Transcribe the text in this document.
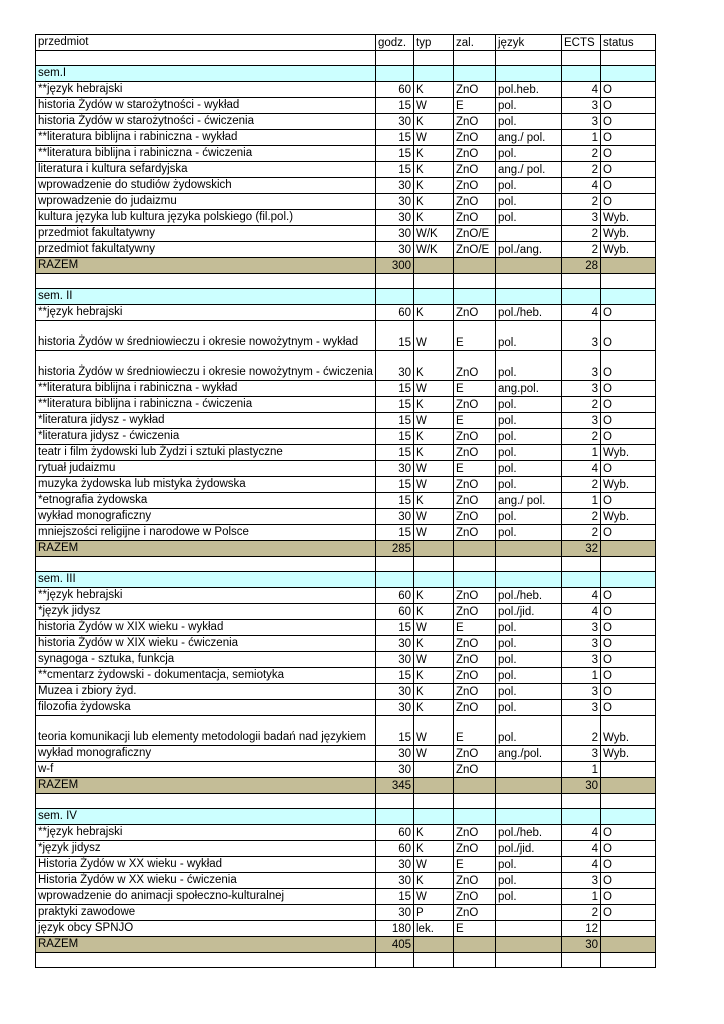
przedmiot	godz.	typ	zal.	język	ECTS	status

sem.I						
**język hebrajski	60	K	ZnO	pol.heb.	4	O
historia Żydów w starożytności - wykład	15	W	E	pol.	3	O
historia Żydów w starożytności - ćwiczenia	30	K	ZnO	pol.	3	O
**literatura biblijna i rabiniczna - wykład	15	W	ZnO	ang./ pol.	1	O
**literatura biblijna i rabiniczna - ćwiczenia	15	K	ZnO	pol.	2	O
literatura i kultura sefardyjska	15	K	ZnO	ang./ pol.	2	O
wprowadzenie do studiów żydowskich	30	K	ZnO	pol.	4	O
wprowadzenie do judaizmu	30	K	ZnO	pol.	2	O
kultura języka lub kultura języka polskiego (fil.pol.)	30	K	ZnO	pol.	3	Wyb.
przedmiot fakultatywny	30	W/K	ZnO/E		2	Wyb.
przedmiot fakultatywny	30	W/K	ZnO/E	pol./ang.	2	Wyb.
RAZEM	300				28	

sem. II						
**język hebrajski	60	K	ZnO	pol./heb.	4	O
historia Żydów w średniowieczu i okresie nowożytnym - wykład	15	W	E	pol.	3	O
historia Żydów w średniowieczu i okresie nowożytnym - ćwiczenia	30	K	ZnO	pol.	3	O
**literatura biblijna i rabiniczna - wykład	15	W	E	ang.pol.	3	O
**literatura biblijna i rabiniczna - ćwiczenia	15	K	ZnO	pol.	2	O
*literatura jidysz - wykład	15	W	E	pol.	3	O
*literatura jidysz - ćwiczenia	15	K	ZnO	pol.	2	O
teatr i film żydowski lub Żydzi i sztuki plastyczne	15	K	ZnO	pol.	1	Wyb.
rytuał judaizmu	30	W	E	pol.	4	O
muzyka żydowska lub mistyka żydowska	15	W	ZnO	pol.	2	Wyb.
*etnografia żydowska	15	K	ZnO	ang./ pol.	1	O
wykład monograficzny	30	W	ZnO	pol.	2	Wyb.
mniejszości religijne i narodowe w Polsce	15	W	ZnO	pol.	2	O
RAZEM	285				32	

sem. III						
**język hebrajski	60	K	ZnO	pol./heb.	4	O
*język jidysz	60	K	ZnO	pol./jid.	4	O
historia Żydów w XIX wieku - wykład	15	W	E	pol.	3	O
historia Żydów w XIX wieku - ćwiczenia	30	K	ZnO	pol.	3	O
synagoga - sztuka, funkcja	30	W	ZnO	pol.	3	O
**cmentarz żydowski - dokumentacja, semiotyka	15	K	ZnO	pol.	1	O
Muzea i zbiory żyd.	30	K	ZnO	pol.	3	O
filozofia żydowska	30	K	ZnO	pol.	3	O
teoria komunikacji lub elementy metodologii badań nad językiem	15	W	E	pol.	2	Wyb.
wykład monograficzny	30	W	ZnO	ang./pol.	3	Wyb.
w-f	30		ZnO		1	
RAZEM	345				30	

sem. IV						
**język hebrajski	60	K	ZnO	pol./heb.	4	O
*język jidysz	60	K	ZnO	pol./jid.	4	O
Historia Żydów w XX wieku - wykład	30	W	E	pol.	4	O
Historia Żydów w XX wieku - ćwiczenia	30	K	ZnO	pol.	3	O
wprowadzenie do animacji społeczno-kulturalnej	15	W	ZnO	pol.	1	O
praktyki zawodowe	30	P	ZnO		2	O
język obcy SPNJO	180	lek.	E		12	
RAZEM	405				30	
